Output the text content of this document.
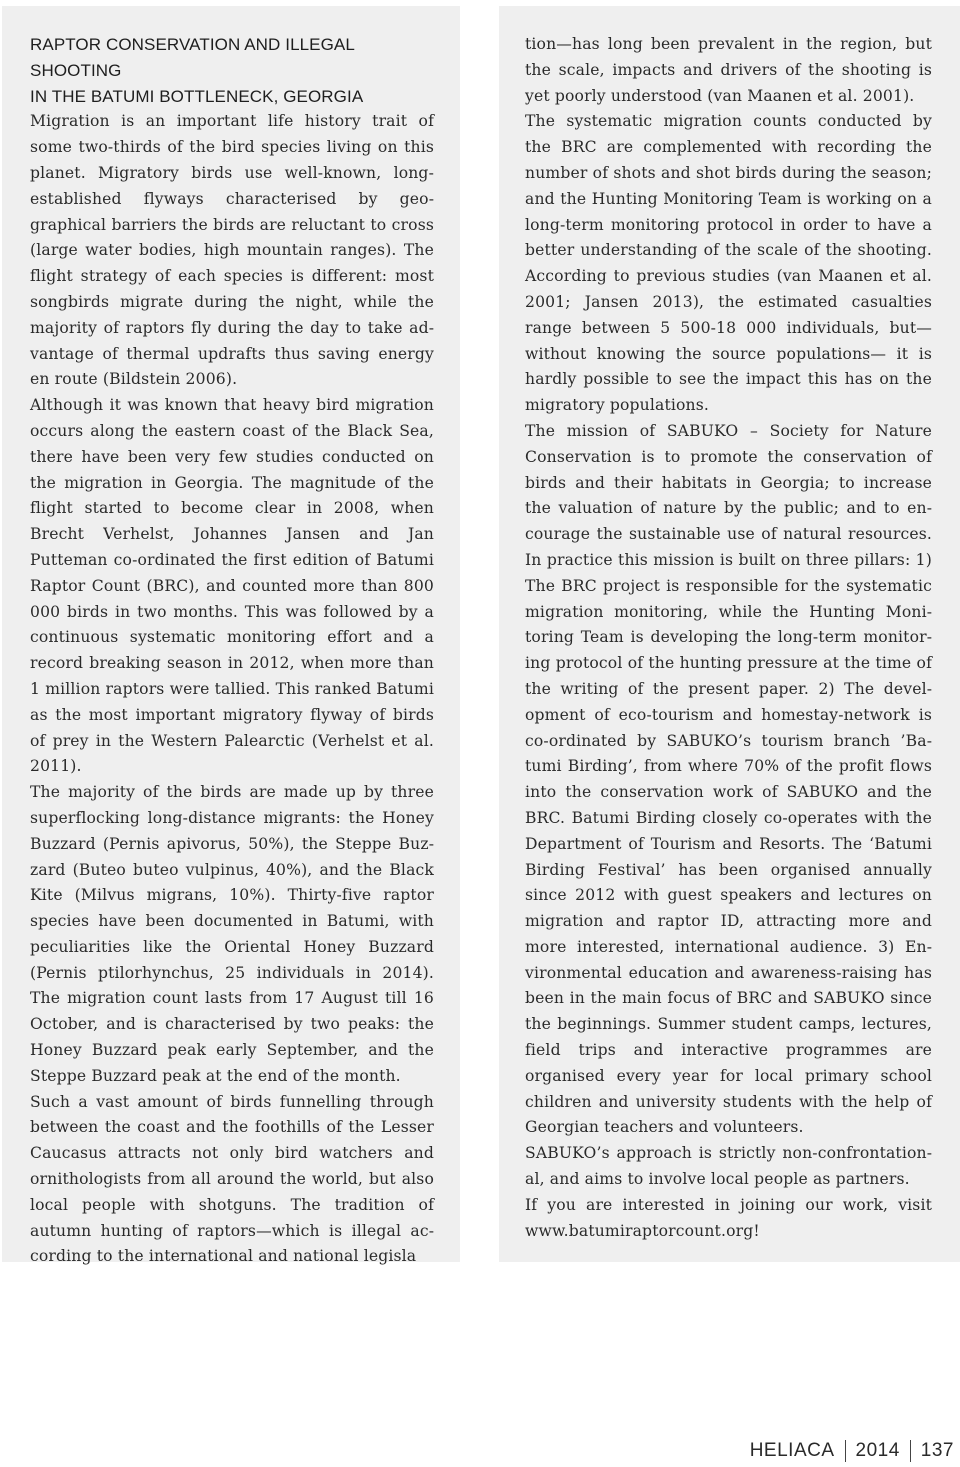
RAPTOR CONSERVATION AND ILLEGAL SHOOTING
IN THE BATUMI BOTTLENECK, GEORGIA

Migration is an important life history trait of some two-thirds of the bird species living on this planet. Migratory birds use well-known, long-established flyways characterised by geographical barriers the birds are reluctant to cross (large water bodies, high mountain ranges). The flight strategy of each species is different: most songbirds migrate during the night, while the majority of raptors fly during the day to take advantage of thermal updrafts thus saving energy en route (Bildstein 2006).

Although it was known that heavy bird migration occurs along the eastern coast of the Black Sea, there have been very few studies conducted on the migration in Georgia. The magnitude of the flight started to become clear in 2008, when Brecht Verhelst, Johannes Jansen and Jan Putteman co-ordinated the first edition of Batumi Raptor Count (BRC), and counted more than 800 000 birds in two months. This was followed by a continuous systematic monitoring effort and a record breaking season in 2012, when more than 1 million raptors were tallied. This ranked Batumi as the most important migratory flyway of birds of prey in the Western Palearctic (Verhelst et al. 2011).

The majority of the birds are made up by three superflocking long-distance migrants: the Honey Buzzard (Pernis apivorus, 50%), the Steppe Buzzard (Buteo buteo vulpinus, 40%), and the Black Kite (Milvus migrans, 10%). Thirty-five raptor species have been documented in Batumi, with peculiarities like the Oriental Honey Buzzard (Pernis ptilorhynchus, 25 individuals in 2014). The migration count lasts from 17 August till 16 October, and is characterised by two peaks: the Honey Buzzard peak early September, and the Steppe Buzzard peak at the end of the month.

Such a vast amount of birds funnelling through between the coast and the foothills of the Lesser Caucasus attracts not only bird watchers and ornithologists from all around the world, but also local people with shotguns. The tradition of autumn hunting of raptors—which is illegal according to the international and national legisla

tion—has long been prevalent in the region, but the scale, impacts and drivers of the shooting is yet poorly understood (van Maanen et al. 2001).

The systematic migration counts conducted by the BRC are complemented with recording the number of shots and shot birds during the season; and the Hunting Monitoring Team is working on a long-term monitoring protocol in order to have a better understanding of the scale of the shooting. According to previous studies (van Maanen et al. 2001; Jansen 2013), the estimated casualties range between 5 500-18 000 individuals, but—without knowing the source populations— it is hardly possible to see the impact this has on the migratory populations.

The mission of SABUKO – Society for Nature Conservation is to promote the conservation of birds and their habitats in Georgia; to increase the valuation of nature by the public; and to encourage the sustainable use of natural resources. In practice this mission is built on three pillars: 1) The BRC project is responsible for the systematic migration monitoring, while the Hunting Monitoring Team is developing the long-term monitoring protocol of the hunting pressure at the time of the writing of the present paper. 2) The development of eco-tourism and homestay-network is co-ordinated by SABUKO’s tourism branch ’Batumi Birding’, from where 70% of the profit flows into the conservation work of SABUKO and the BRC. Batumi Birding closely co-operates with the Department of Tourism and Resorts. The ‘Batumi Birding Festival’ has been organised annually since 2012 with guest speakers and lectures on migration and raptor ID, attracting more and more interested, international audience. 3) Environmental education and awareness-raising has been in the main focus of BRC and SABUKO since the beginnings. Summer student camps, lectures, field trips and interactive programmes are organised every year for local primary school children and university students with the help of Georgian teachers and volunteers.

SABUKO’s approach is strictly non-confrontational, and aims to involve local people as partners.

If you are interested in joining our work, visit www.batumiraptorcount.org!

HELIACA 2014 137
